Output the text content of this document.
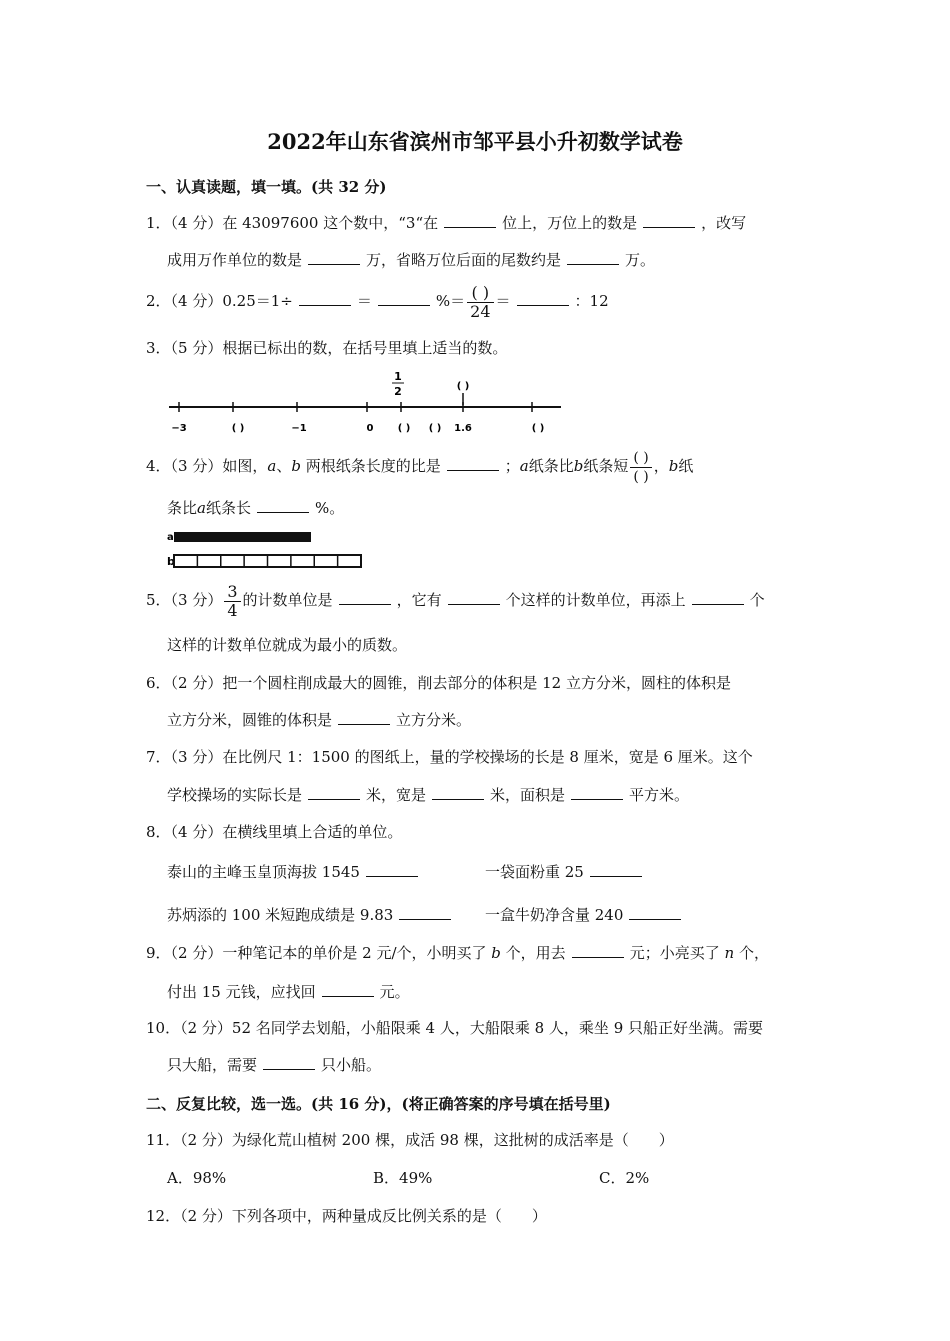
2022年山东省滨州市邹平县小升初数学试卷
一、认真读题，填一填。(共 32 分)
1．（4 分）在 43097600 这个数中，“3“在	位上，万位上的数是	，改写
成用万作单位的数是	万，省略万位后面的尾数约是	万。
2．（4 分）0.25＝1÷	＝	%＝ $\frac{( )}{24}$ ＝	：12
3．（5 分）根据已标出的数，在括号里填上适当的数。
1
2	( )
−3	( )	−1	0 ( ) ( ) 1.6	( )
4．（3 分）如图，a、b 两根纸条长度的比是	；a纸条比b纸条短 $\frac{( )}{( )}$ ，b纸
条比a纸条长	%。
a
b
5．（3 分） $\frac{3}{4}$ 的计数单位是	，它有	个这样的计数单位，再添上	个
这样的计数单位就成为最小的质数。
6．（2 分）把一个圆柱削成最大的圆锥，削去部分的体积是 12 立方分米，圆柱的体积是
立方分米，圆锥的体积是	立方分米。
7．（3 分）在比例尺 1：1500 的图纸上，量的学校操场的长是 8 厘米，宽是 6 厘米。这个
学校操场的实际长是	米，宽是	米，面积是	平方米。
8．（4 分）在横线里填上合适的单位。
泰山的主峰玉皇顶海拔 1545	一袋面粉重 25
苏炳添的 100 米短跑成绩是 9.83	一盒牛奶净含量 240
9．（2 分）一种笔记本的单价是 2 元/个，小明买了 b 个，用去	元；小亮买了 n 个，
付出 15 元钱，应找回	元。
10．（2 分）52 名同学去划船，小船限乘 4 人，大船限乘 8 人，乘坐 9 只船正好坐满。需要
只大船，需要	只小船。
二、反复比较，选一选。(共 16 分)，(将正确答案的序号填在括号里)
11．（2 分）为绿化荒山植树 200 棵，成活 98 棵，这批树的成活率是（　　）
A．98%	B．49%	C．2%
12．（2 分）下列各项中，两种量成反比例关系的是（　　）
